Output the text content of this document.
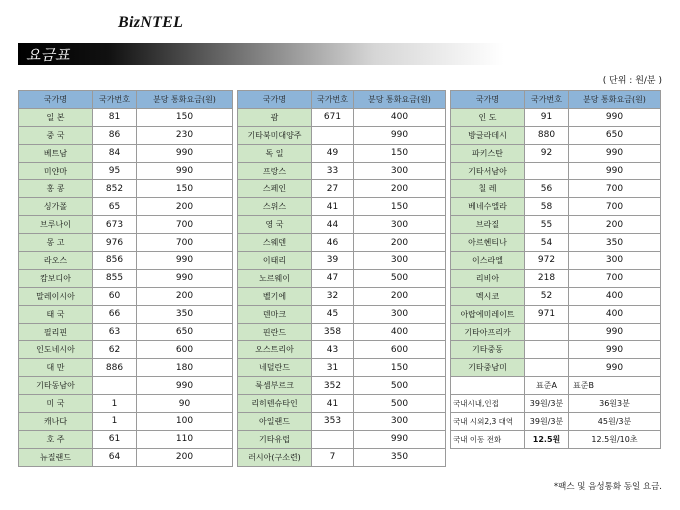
BizNTEL
요금표
( 단위 : 원/분 )
국가명	국가번호	분당 통화요금(원)
일 본	81	150
중 국	86	230
베트남	84	990
미얀마	95	990
홍 콩	852	150
싱가폴	65	200
브루나이	673	700
몽 고	976	700
라오스	856	990
캄보디아	855	990
말레이시아	60	200
태 국	66	350
필리핀	63	650
인도네시아	62	600
대 만	886	180
기타동남아		990
미 국	1	90
캐나다	1	100
호 주	61	110
뉴질랜드	64	200
국가명	국가번호	분당 통화요금(원)
괌	671	400
기타북미대양주		990
독 일	49	150
프랑스	33	300
스페인	27	200
스위스	41	150
영 국	44	300
스웨덴	46	200
이태리	39	300
노르웨이	47	500
벨기에	32	200
덴마크	45	300
핀란드	358	400
오스트리아	43	600
네덜란드	31	150
룩셈부르크	352	500
리히텐슈타인	41	500
아일랜드	353	300
기타유럽		990
러시아(구소련)	7	350
국가명	국가번호	분당 통화요금(원)
인 도	91	990
방글라데시	880	650
파키스탄	92	990
기타서남아		990
칠 레	56	700
베네수엘라	58	700
브라질	55	200
아르헨티나	54	350
이스라엘	972	300
리비아	218	700
멕시코	52	400
아랍에미레이트	971	400
기타아프리카		990
기타중동		990
기타중남미		990
	표준A	표준B
국내시내,인접	39원/3분	36원3분
국내 시외2,3 대역	39원/3분	45원/3분
국내 이동 전화	12.5원	12.5원/10초
*팩스 및 음성통화 동일 요금.
